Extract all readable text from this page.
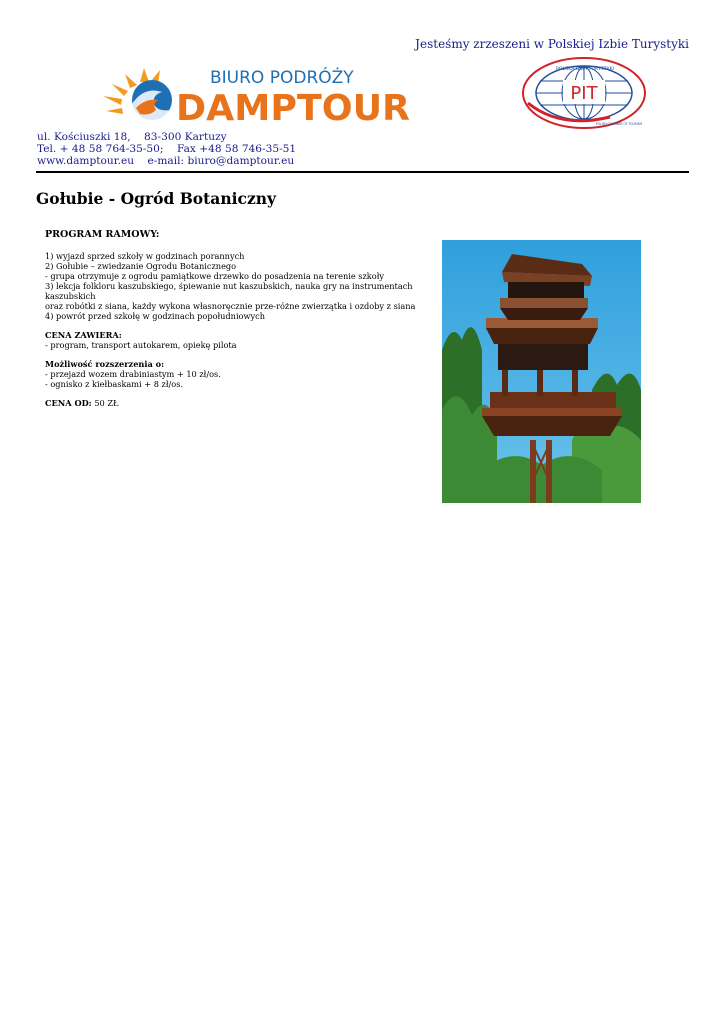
Jesteśmy zrzeszeni w Polskiej Izbie Turystyki
BIURO PODRÓŻY
DAMPTOUR	PIT
POLSKA IZBA TURYSTYKI
POLISH CHAMBER OF TOURISM
ul. Kościuszki 18,    83-300 Kartuzy
Tel. + 48 58 764-35-50;    Fax +48 58 746-35-51
www.damptour.eu    e-mail: biuro@damptour.eu
Gołubie - Ogród Botaniczny
PROGRAM RAMOWY:

1) wyjazd sprzed szkoły w godzinach porannych

2) Gołubie – zwiedzanie Ogrodu Botanicznego

- grupa otrzymuje z ogrodu pamiątkowe drzewko do posadzenia na terenie szkoły

3) lekcja folkloru kaszubskiego, śpiewanie nut kaszubskich, nauka gry na instrumentach kaszubskich

oraz robótki z siana, każdy wykona własnoręcznie prze-różne zwierzątka i ozdoby z siana

4) powrót przed szkołę w godzinach popołudniowych

CENA ZAWIERA:

- program, transport autokarem, opiekę pilota

Możliwość rozszerzenia o:

- przejazd wozem drabiniastym + 10 zł/os.

- ognisko z kiełbaskami + 8 zł/os.

CENA OD: 50 ZŁ
